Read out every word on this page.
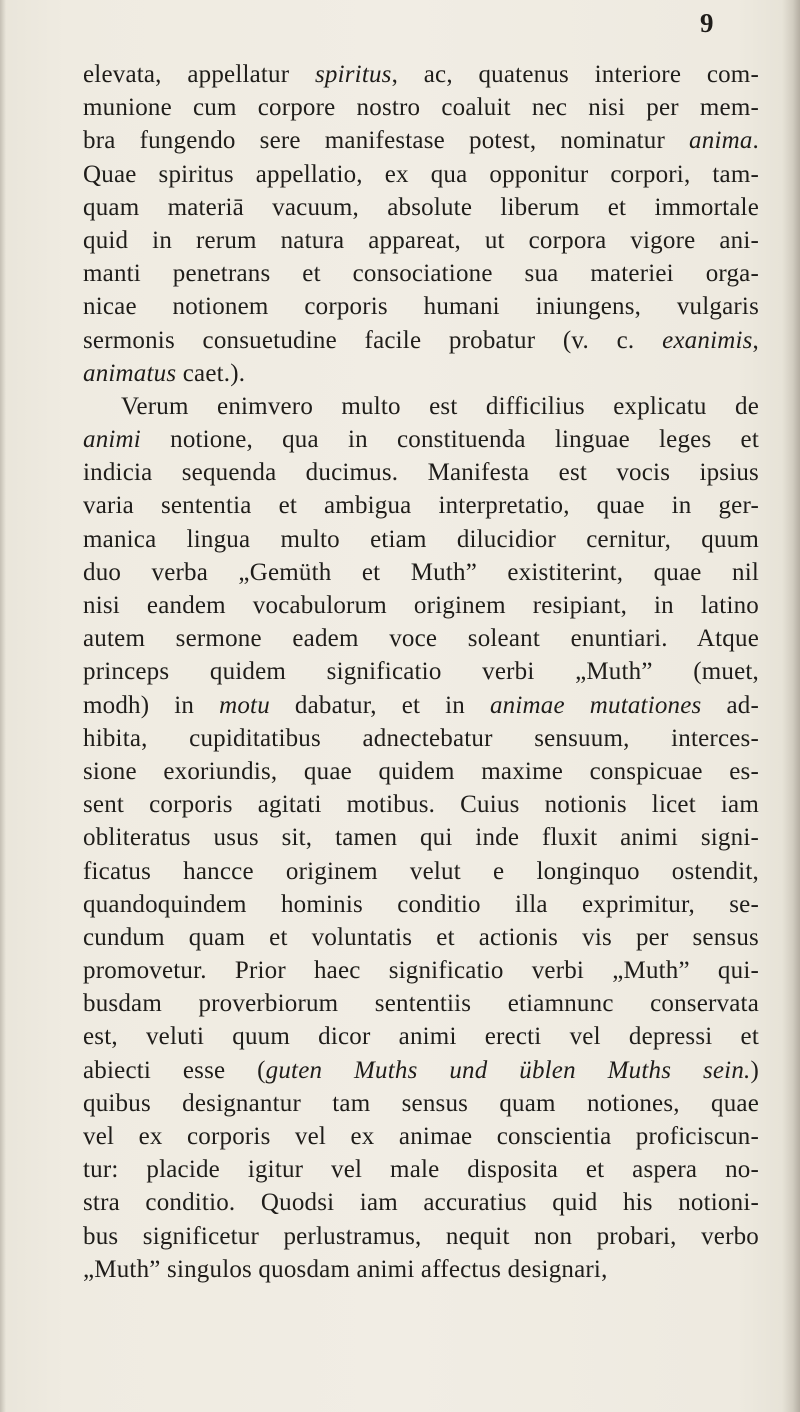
9
elevata, appellatur spiritus, ac, quatenus interiore com-
munione cum corpore nostro coaluit nec nisi per mem-
bra fungendo sere manifestase potest, nominatur anima.
Quae spiritus appellatio, ex qua opponitur corpori, tam-
quam materiā vacuum, absolute liberum et immortale
quid in rerum natura appareat, ut corpora vigore ani-
manti penetrans et consociatione sua materiei orga-
nicae notionem corporis humani iniungens, vulgaris
sermonis consuetudine facile probatur (v. c. exanimis,
animatus caet.).
Verum enimvero multo est difficilius explicatu de
animi notione, qua in constituenda linguae leges et
indicia sequenda ducimus. Manifesta est vocis ipsius
varia sententia et ambigua interpretatio, quae in ger-
manica lingua multo etiam dilucidior cernitur, quum
duo verba „Gemüth et Muth” existiterint, quae nil
nisi eandem vocabulorum originem resipiant, in latino
autem sermone eadem voce soleant enuntiari. Atque
princeps quidem significatio verbi „Muth” (muet,
modh) in motu dabatur, et in animae mutationes ad-
hibita, cupiditatibus adnectebatur sensuum, interces-
sione exoriundis, quae quidem maxime conspicuae es-
sent corporis agitati motibus. Cuius notionis licet iam
obliteratus usus sit, tamen qui inde fluxit animi signi-
ficatus hancce originem velut e longinquo ostendit,
quandoquindem hominis conditio illa exprimitur, se-
cundum quam et voluntatis et actionis vis per sensus
promovetur. Prior haec significatio verbi „Muth” qui-
busdam proverbiorum sententiis etiamnunc conservata
est, veluti quum dicor animi erecti vel depressi et
abiecti esse (guten Muths und üblen Muths sein.)
quibus designantur tam sensus quam notiones, quae
vel ex corporis vel ex animae conscientia proficiscun-
tur: placide igitur vel male disposita et aspera no-
stra conditio. Quodsi iam accuratius quid his notioni-
bus significetur perlustramus, nequit non probari, verbo
„Muth” singulos quosdam animi affectus designari,
